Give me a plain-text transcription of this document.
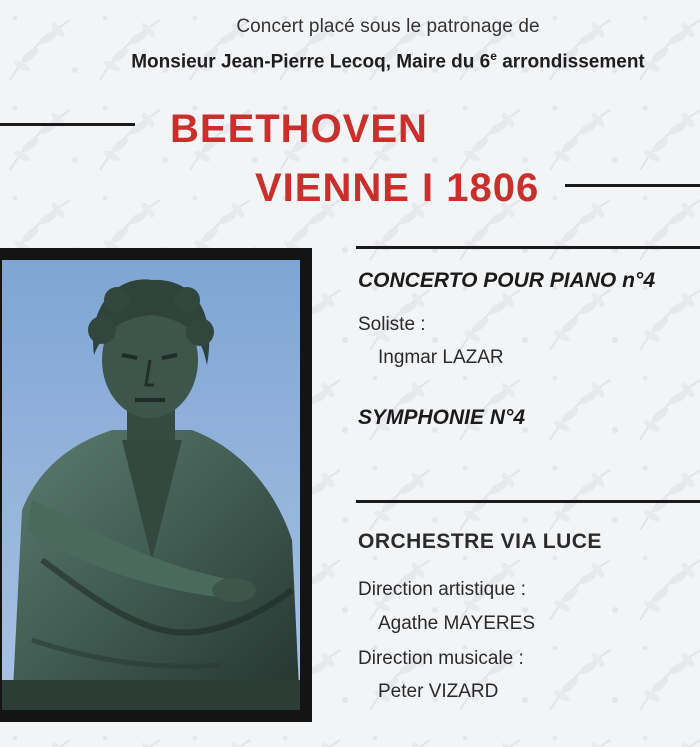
Concert placé sous le patronage de
Monsieur Jean-Pierre Lecoq, Maire du 6e arrondissement
BEETHOVEN
VIENNE I 1806
CONCERTO POUR PIANO n°4
Soliste :
Ingmar LAZAR
SYMPHONIE N°4
ORCHESTRE VIA LUCE
Direction artistique :
Agathe MAYERES
Direction musicale :
Peter VIZARD
